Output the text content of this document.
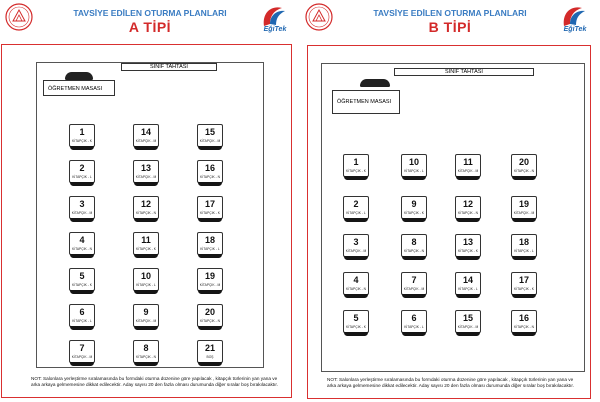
TAVSİYE EDİLEN OTURMA PLANLARI
A TİPİ	EğiTek
SINIF TAHTASI
ÖĞRETMEN MASASI
1
KİTAPÇIK - K
14
KİTAPÇIK - M
15
KİTAPÇIK - M
2
KİTAPÇIK - L
13
KİTAPÇIK - M
16
KİTAPÇIK - N
3
KİTAPÇIK - M
12
KİTAPÇIK - N
17
KİTAPÇIK - K
4
KİTAPÇIK - N
11
KİTAPÇIK - K
18
KİTAPÇIK - L
5
KİTAPÇIK - K
10
KİTAPÇIK - L
19
KİTAPÇIK - M
6
KİTAPÇIK - L
9
KİTAPÇIK - M
20
KİTAPÇIK - N
7
KİTAPÇIK - M
8
KİTAPÇIK - N
21
BOŞ
NOT: Salonlara yerleştirme sıralamasında bu formdaki oturma düzenine göre yapılacak , kitapçık türlerinin yan yana ve arka arkaya gelmemesine dikkat edilecektir. Aday sayısı 20 den fazla olması durumunda diğer sıralar boş bırakılacaktır.
TAVSİYE EDİLEN OTURMA PLANLARI
B TİPİ	EğiTek
SINIF TAHTASI
ÖĞRETMEN MASASI
1
KİTAPÇIK - K
10
KİTAPÇIK - L
11
KİTAPÇIK - M
20
KİTAPÇIK - N
2
KİTAPÇIK - L
9
KİTAPÇIK - K
12
KİTAPÇIK - N
19
KİTAPÇIK - M
3
KİTAPÇIK - M
8
KİTAPÇIK - N
13
KİTAPÇIK - K
18
KİTAPÇIK - L
4
KİTAPÇIK - N
7
KİTAPÇIK - M
14
KİTAPÇIK - L
17
KİTAPÇIK - K
5
KİTAPÇIK - K
6
KİTAPÇIK - L
15
KİTAPÇIK - M
16
KİTAPÇIK - N
NOT: Salonlara yerleştirme sıralamasında bu formdaki oturma düzenine göre yapılacak , kitapçık türlerinin yan yana ve arka arkaya gelmemesine dikkat edilecektir. Aday sayısı 20 den fazla olması durumunda diğer sıralar boş bırakılacaktır.
